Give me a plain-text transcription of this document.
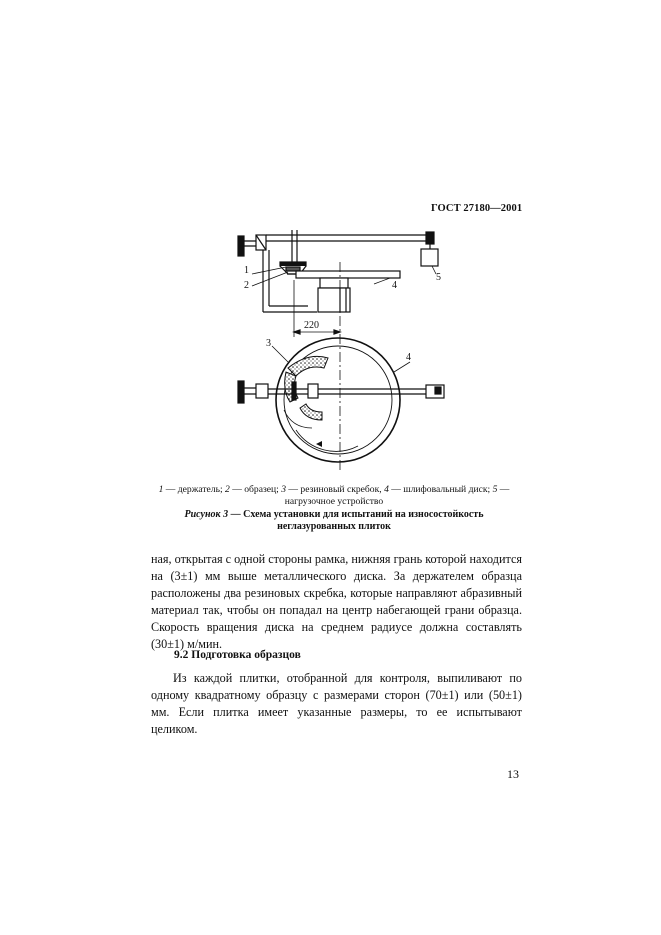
ГОСТ 27180—2001
1
2
3
4
5
4
220
1 — держатель; 2 — образец; 3 — резиновый скребок, 4 — шлифовальный диск; 5 — нагрузочное устройство
Рисунок 3 — Схема установки для испытаний на износостойкость неглазурованных плиток
ная, открытая с одной стороны рамка, нижняя грань которой находится на (3±1) мм выше металлического диска. За держателем образца расположены два резиновых скребка, которые направляют абразивный материал так, чтобы он попадал на центр набегающей грани образца. Скорость вращения диска на среднем радиусе должна составлять (30±1) м/мин.
9.2 Подготовка образцов
Из каждой плитки, отобранной для контроля, выпиливают по одному квадратному образцу с размерами сторон (70±1) или (50±1) мм. Если плитка имеет указанные размеры, то ее испытывают целиком.
13
